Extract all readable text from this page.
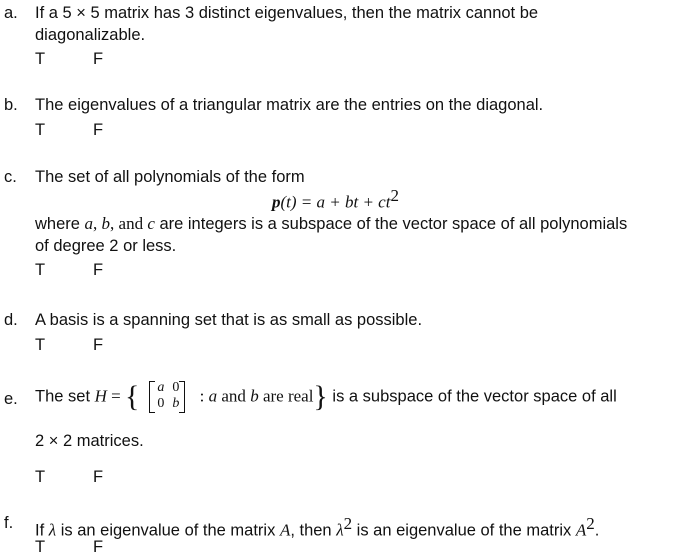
a. If a 5 × 5 matrix has 3 distinct eigenvalues, then the matrix cannot be
diagonalizable.
T	F
b. The eigenvalues of a triangular matrix are the entries on the diagonal.
T	F
c. The set of all polynomials of the form
p(t) = a + bt + $ct^2$
where a, b, and c are integers is a subspace of the vector space of all polynomials
of degree 2 or less.
T	F
d. A basis is a spanning set that is as small as possible.
T	F
e. The set H = { a 0
0 b : a and b are real} is a subspace of the vector space of all
2 × 2 matrices.
T	F
f. If λ is an eigenvalue of the matrix A, then $\lambda^2$ is an eigenvalue of the matrix $A^2$.
T	F
